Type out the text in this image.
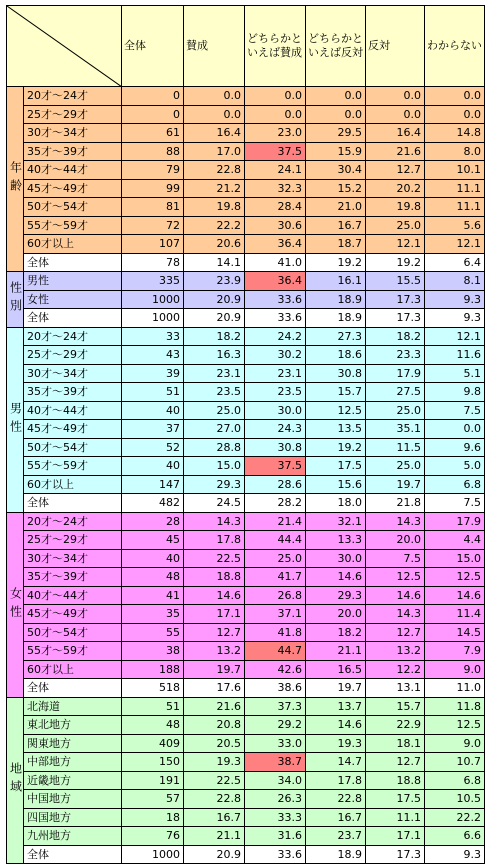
	全体	賛成	どちらかといえば賛成	どちらかといえば反対	反対	わからない
年齢	20才～24才	0	0.0	0.0	0.0	0.0	0.0
	25才～29才	0	0.0	0.0	0.0	0.0	0.0
	30才～34才	61	16.4	23.0	29.5	16.4	14.8
	35才～39才	88	17.0	37.5	15.9	21.6	8.0
	40才～44才	79	22.8	24.1	30.4	12.7	10.1
	45才～49才	99	21.2	32.3	15.2	20.2	11.1
	50才～54才	81	19.8	28.4	21.0	19.8	11.1
	55才～59才	72	22.2	30.6	16.7	25.0	5.6
	60才以上	107	20.6	36.4	18.7	12.1	12.1
	全体	78	14.1	41.0	19.2	19.2	6.4
性別	男性	335	23.9	36.4	16.1	15.5	8.1
	女性	1000	20.9	33.6	18.9	17.3	9.3
	全体	1000	20.9	33.6	18.9	17.3	9.3
男性	20才～24才	33	18.2	24.2	27.3	18.2	12.1
	25才～29才	43	16.3	30.2	18.6	23.3	11.6
	30才～34才	39	23.1	23.1	30.8	17.9	5.1
	35才～39才	51	23.5	23.5	15.7	27.5	9.8
	40才～44才	40	25.0	30.0	12.5	25.0	7.5
	45才～49才	37	27.0	24.3	13.5	35.1	0.0
	50才～54才	52	28.8	30.8	19.2	11.5	9.6
	55才～59才	40	15.0	37.5	17.5	25.0	5.0
	60才以上	147	29.3	28.6	15.6	19.7	6.8
	全体	482	24.5	28.2	18.0	21.8	7.5
女性	20才～24才	28	14.3	21.4	32.1	14.3	17.9
	25才～29才	45	17.8	44.4	13.3	20.0	4.4
	30才～34才	40	22.5	25.0	30.0	7.5	15.0
	35才～39才	48	18.8	41.7	14.6	12.5	12.5
	40才～44才	41	14.6	26.8	29.3	14.6	14.6
	45才～49才	35	17.1	37.1	20.0	14.3	11.4
	50才～54才	55	12.7	41.8	18.2	12.7	14.5
	55才～59才	38	13.2	44.7	21.1	13.2	7.9
	60才以上	188	19.7	42.6	16.5	12.2	9.0
	全体	518	17.6	38.6	19.7	13.1	11.0
地域	北海道	51	21.6	37.3	13.7	15.7	11.8
	東北地方	48	20.8	29.2	14.6	22.9	12.5
	関東地方	409	20.5	33.0	19.3	18.1	9.0
	中部地方	150	19.3	38.7	14.7	12.7	10.7
	近畿地方	191	22.5	34.0	17.8	18.8	6.8
	中国地方	57	22.8	26.3	22.8	17.5	10.5
	四国地方	18	16.7	33.3	16.7	11.1	22.2
	九州地方	76	21.1	31.6	23.7	17.1	6.6
	全体	1000	20.9	33.6	18.9	17.3	9.3
